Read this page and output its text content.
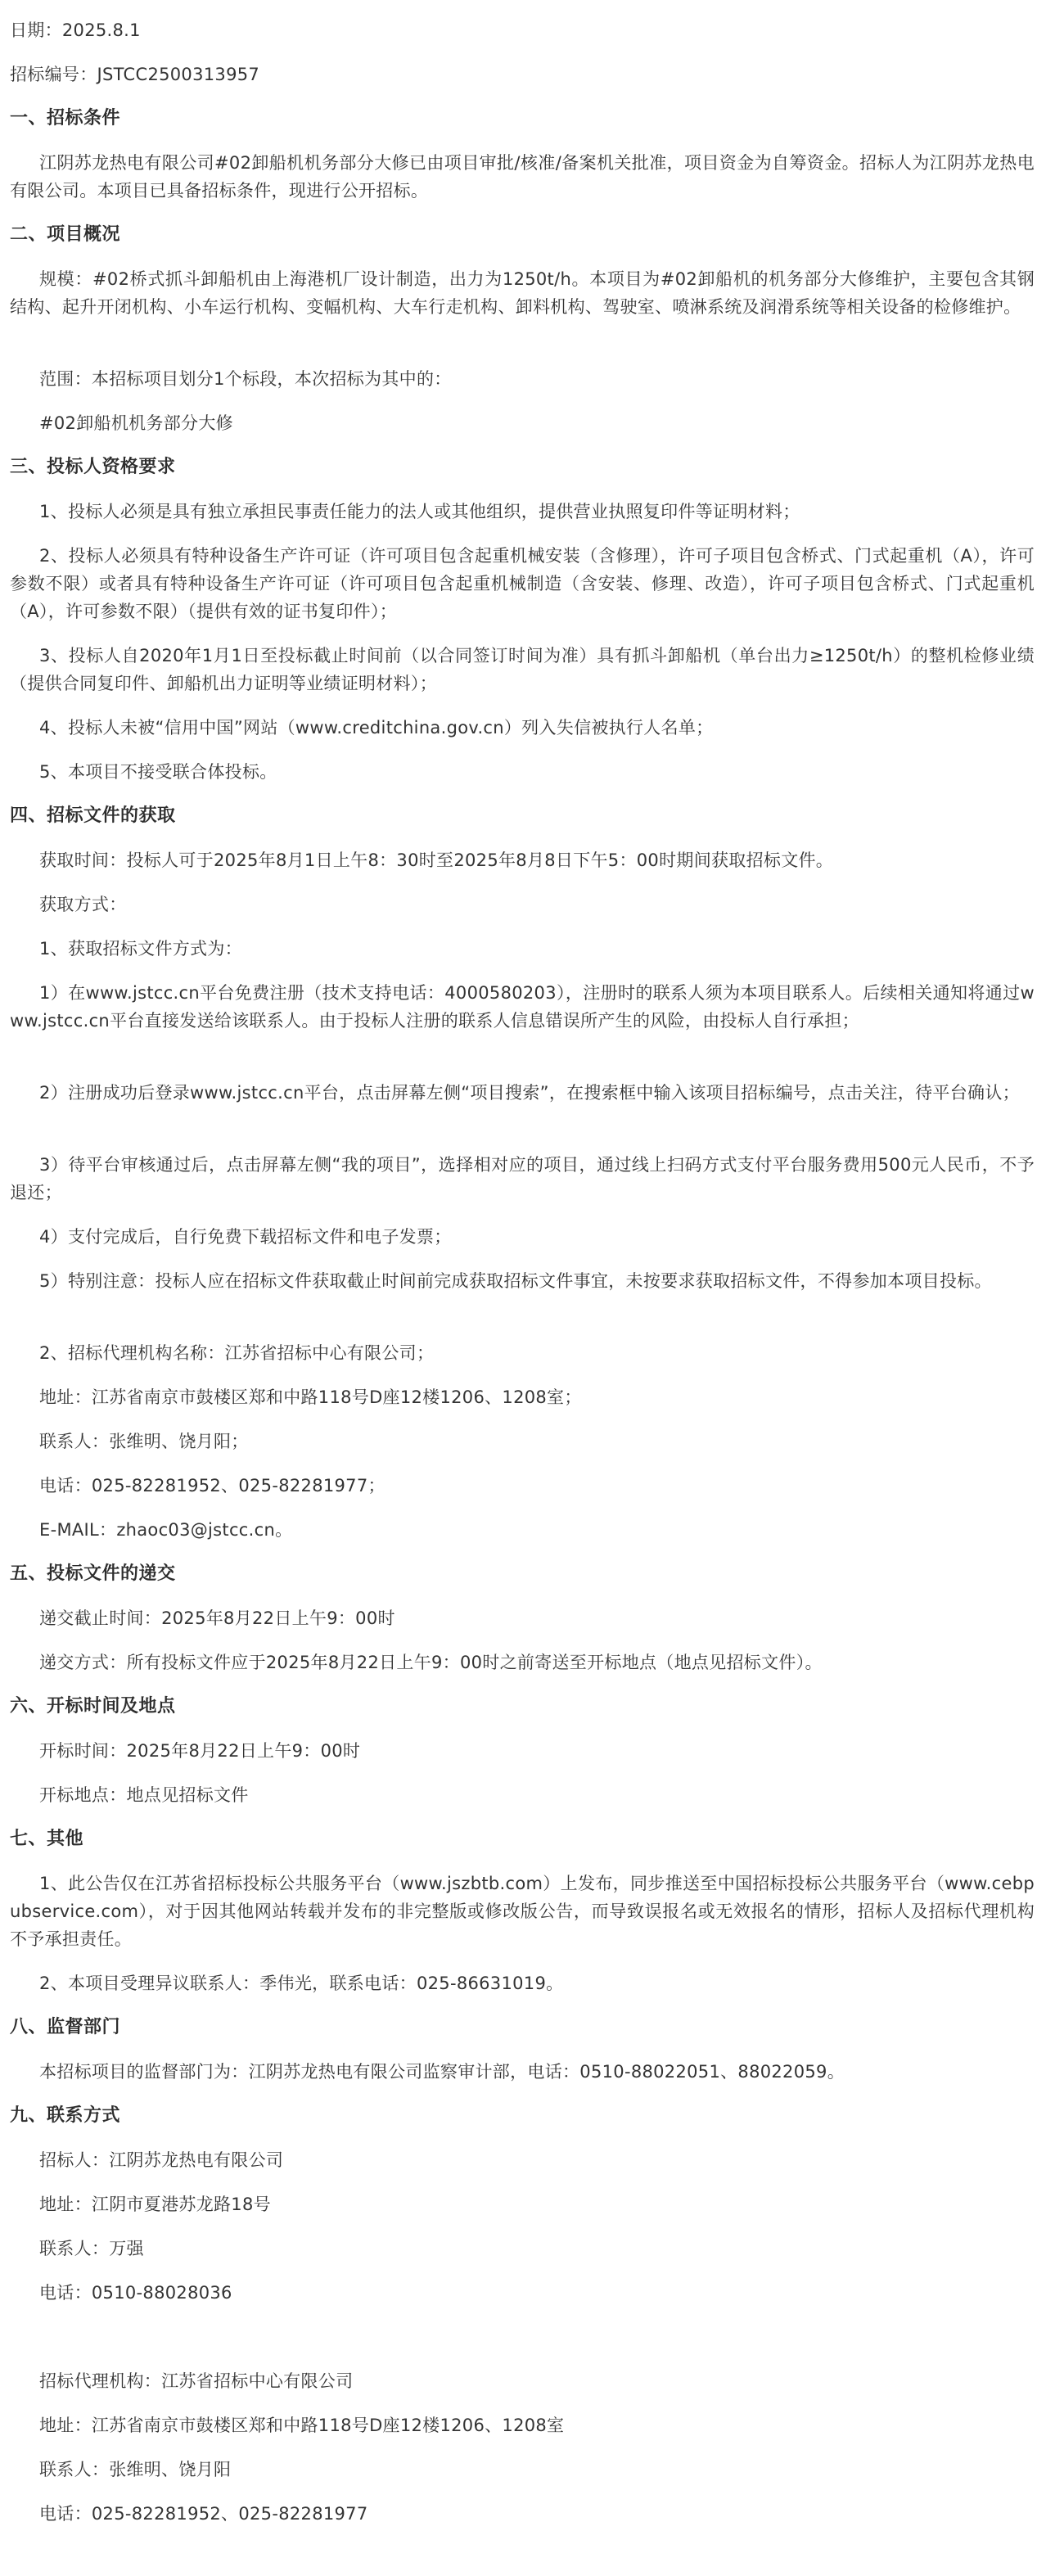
日期：2025.8.1
招标编号：JSTCC2500313957
一、招标条件
江阴苏龙热电有限公司#02卸船机机务部分大修已由项目审批/核准/备案机关批准，项目资金为自筹资金。招标人为江阴苏龙热电有限公司。本项目已具备招标条件，现进行公开招标。
二、项目概况
规模：#02桥式抓斗卸船机由上海港机厂设计制造，出力为1250t/h。本项目为#02卸船机的机务部分大修维护，主要包含其钢结构、起升开闭机构、小车运行机构、变幅机构、大车行走机构、卸料机构、驾驶室、喷淋系统及润滑系统等相关设备的检修维护。
范围：本招标项目划分1个标段，本次招标为其中的：
#02卸船机机务部分大修
三、投标人资格要求
1、投标人必须是具有独立承担民事责任能力的法人或其他组织，提供营业执照复印件等证明材料；
2、投标人必须具有特种设备生产许可证（许可项目包含起重机械安装（含修理），许可子项目包含桥式、门式起重机（A），许可参数不限）或者具有特种设备生产许可证（许可项目包含起重机械制造（含安装、修理、改造），许可子项目包含桥式、门式起重机（A），许可参数不限）（提供有效的证书复印件）；
3、投标人自2020年1月1日至投标截止时间前（以合同签订时间为准）具有抓斗卸船机（单台出力≥1250t/h）的整机检修业绩（提供合同复印件、卸船机出力证明等业绩证明材料）；
4、投标人未被“信用中国”网站（www.creditchina.gov.cn）列入失信被执行人名单；
5、本项目不接受联合体投标。
四、招标文件的获取
获取时间：投标人可于2025年8月1日上午8：30时至2025年8月8日下午5：00时期间获取招标文件。
获取方式：
1、获取招标文件方式为：
1）在www.jstcc.cn平台免费注册（技术支持电话：4000580203），注册时的联系人须为本项目联系人。后续相关通知将通过www.jstcc.cn平台直接发送给该联系人。由于投标人注册的联系人信息错误所产生的风险，由投标人自行承担；
2）注册成功后登录www.jstcc.cn平台，点击屏幕左侧“项目搜索”，在搜索框中输入该项目招标编号，点击关注，待平台确认；
3）待平台审核通过后，点击屏幕左侧“我的项目”，选择相对应的项目，通过线上扫码方式支付平台服务费用500元人民币，不予退还；
4）支付完成后，自行免费下载招标文件和电子发票；
5）特别注意：投标人应在招标文件获取截止时间前完成获取招标文件事宜，未按要求获取招标文件，不得参加本项目投标。
2、招标代理机构名称：江苏省招标中心有限公司；
地址：江苏省南京市鼓楼区郑和中路118号D座12楼1206、1208室；
联系人：张维明、饶月阳；
电话：025-82281952、025-82281977；
E-MAIL：zhaoc03@jstcc.cn。
五、投标文件的递交
递交截止时间：2025年8月22日上午9：00时
递交方式：所有投标文件应于2025年8月22日上午9：00时之前寄送至开标地点（地点见招标文件）。
六、开标时间及地点
开标时间：2025年8月22日上午9：00时
开标地点：地点见招标文件
七、其他
1、此公告仅在江苏省招标投标公共服务平台（www.jszbtb.com）上发布，同步推送至中国招标投标公共服务平台（www.cebpubservice.com），对于因其他网站转载并发布的非完整版或修改版公告，而导致误报名或无效报名的情形，招标人及招标代理机构不予承担责任。
2、本项目受理异议联系人：季伟光，联系电话：025-86631019。
八、监督部门
本招标项目的监督部门为：江阴苏龙热电有限公司监察审计部，电话：0510-88022051、88022059。
九、联系方式
招标人：江阴苏龙热电有限公司
地址：江阴市夏港苏龙路18号
联系人：万强
电话：0510-88028036
招标代理机构：江苏省招标中心有限公司
地址：江苏省南京市鼓楼区郑和中路118号D座12楼1206、1208室
联系人：张维明、饶月阳
电话：025-82281952、025-82281977
